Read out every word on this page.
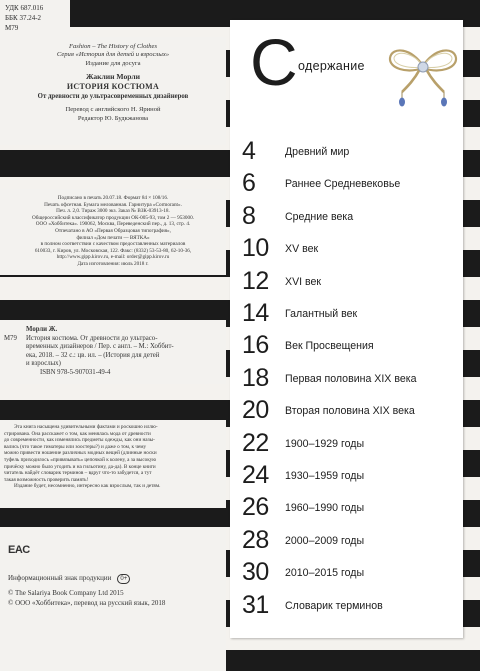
УДК 687.016
ББК 37.24-2
М79
Fashion – The History of Clothes
Серия «История для детей и взрослых»
Издание для досуга
Жаклин Морли
ИСТОРИЯ КОСТЮМА
От древности до ультрасовременных дизайнеров
Перевод с английского Н. Яриной
Редактор Ю. Будкжанова
Подписано в печать 20.07.18. Формат 84 × 108/16.
Печать офсетная. Бумага мелованная. Гарнитура «Cormorant».
Печ. л. 2,0. Тираж 3000 экз. Заказ № ВЗК-03913-18.
Общероссийский классификатор продукции ОК-005-93, том 2 — 953000.
ООО «Хоббитека». 190062, Москва, Переведенский пер., д. 13, стр. 4.
Отпечатано в АО «Первая Образцовая типография»,
филиал «Дом печати — ВЯТКА»
в полном соответствии с качеством предоставленных материалов
610033, г. Киров, ул. Московская, 122. Факс: (8332) 53-53-80, 62-10-36,
http://www.gipp.kirov.ru, e-mail: order@gipp.kirov.ru
Дата изготовления: июль 2018 г.
Морли Ж.
М79	История костюма. От древности до ультрасо-
временных дизайнеров / Пер. с англ. – М.: Хоббит-
ека, 2018. – 32 с.: цв. ил. – (История для детей
и взрослых)
ISBN 978-5-907031-49-4
Эта книга насыщена удивительными фактами и роскошно иллю-
стрирована. Она расскажет о том, как менялась мода от древности
до современности, как изменялись предметы одежды, как они назы-
вались (что такое гиматеры или зоостеры?) и даже о том, к чему
можно привести ношение различных модных вещей (длинные носки
туфель приходилось «привязывать» цепочкой к колену, а за высокую
причёску можно было угодить и на гильотину, да-да). В конце книги
читатель найдёт словарик терминов – вдруг что-то забудется, а тут
такая возможность проверить память!
Издание будет, несомненно, интересно как взрослым, так и детям.
EAC
Информационный знак продукции 0+
© The Salariya Book Company Ltd 2015
© ООО «Хоббитека», перевод на русский язык, 2018
С одержание
4	Древний мир
6	Раннее Средневековье
8	Средние века
10 XV век
12 XVI век
14 Галантный век
16 Век Просвещения
18 Первая половина XIX века
20 Вторая половина XIX века
22 1900–1929 годы
24 1930–1959 годы
26 1960–1990 годы
28 2000–2009 годы
30 2010–2015 годы
31 Словарик терминов
